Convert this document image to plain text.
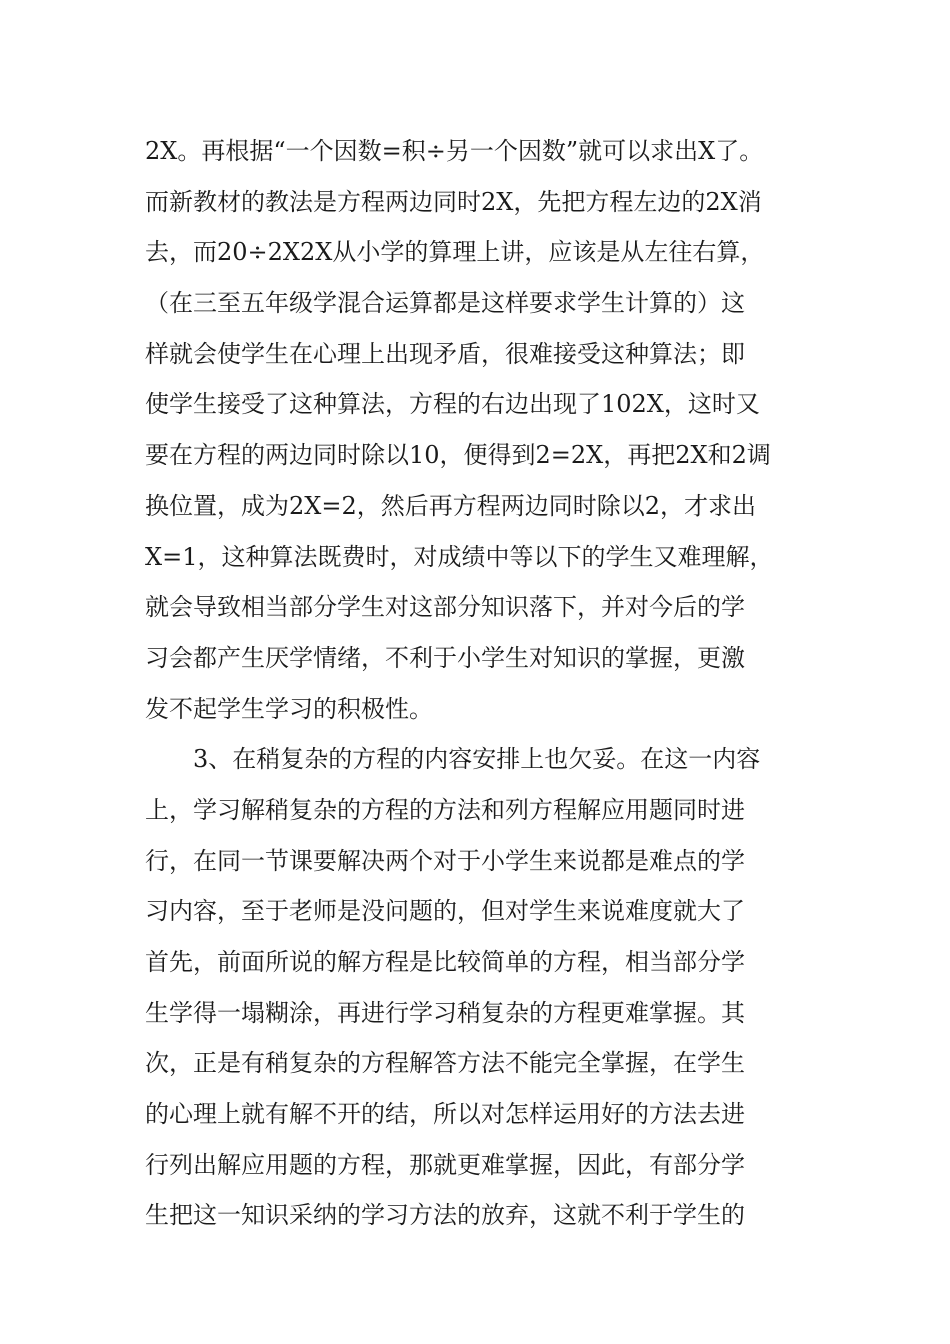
2X。再根据“一个因数=积÷另一个因数”就可以求出X了。
而新教材的教法是方程两边同时2X，先把方程左边的2X消
去，而20÷2X2X从小学的算理上讲，应该是从左往右算，
（在三至五年级学混合运算都是这样要求学生计算的）这
样就会使学生在心理上出现矛盾，很难接受这种算法；即
使学生接受了这种算法，方程的右边出现了102X，这时又
要在方程的两边同时除以10，便得到2=2X，再把2X和2调
换位置，成为2X=2，然后再方程两边同时除以2，才求出
X=1，这种算法既费时，对成绩中等以下的学生又难理解，
就会导致相当部分学生对这部分知识落下，并对今后的学
习会都产生厌学情绪，不利于小学生对知识的掌握，更激
发不起学生学习的积极性。
3、在稍复杂的方程的内容安排上也欠妥。在这一内容
上，学习解稍复杂的方程的方法和列方程解应用题同时进
行，在同一节课要解决两个对于小学生来说都是难点的学
习内容，至于老师是没问题的，但对学生来说难度就大了
首先，前面所说的解方程是比较简单的方程，相当部分学
生学得一塌糊涂，再进行学习稍复杂的方程更难掌握。其
次，正是有稍复杂的方程解答方法不能完全掌握，在学生
的心理上就有解不开的结，所以对怎样运用好的方法去进
行列出解应用题的方程，那就更难掌握，因此，有部分学
生把这一知识采纳的学习方法的放弃，这就不利于学生的
